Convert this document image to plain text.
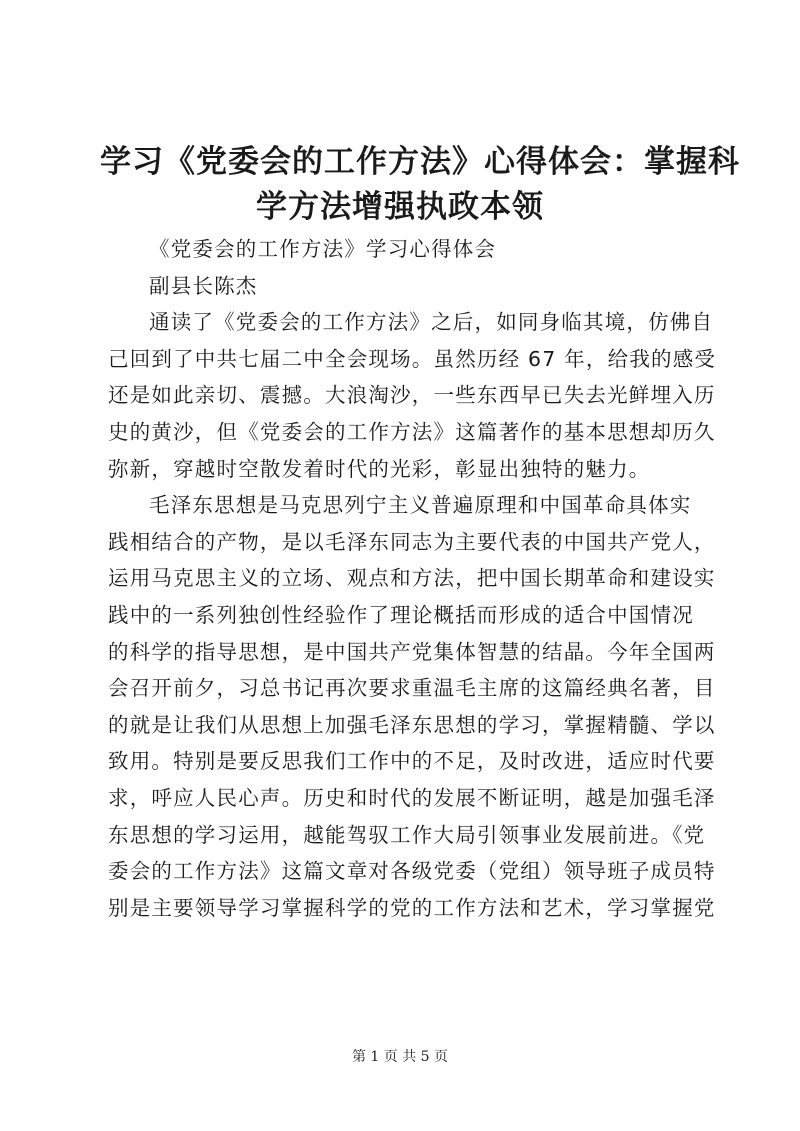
学习《党委会的工作方法》心得体会：掌握科
学方法增强执政本领
《党委会的工作方法》学习心得体会
副县长陈杰
通读了《党委会的工作方法》之后，如同身临其境，仿佛自
己回到了中共七届二中全会现场。虽然历经 67 年，给我的感受
还是如此亲切、震撼。大浪淘沙，一些东西早已失去光鲜埋入历
史的黄沙，但《党委会的工作方法》这篇著作的基本思想却历久
弥新，穿越时空散发着时代的光彩，彰显出独特的魅力。
毛泽东思想是马克思列宁主义普遍原理和中国革命具体实
践相结合的产物，是以毛泽东同志为主要代表的中国共产党人，
运用马克思主义的立场、观点和方法，把中国长期革命和建设实
践中的一系列独创性经验作了理论概括而形成的适合中国情况
的科学的指导思想，是中国共产党集体智慧的结晶。今年全国两
会召开前夕，习总书记再次要求重温毛主席的这篇经典名著，目
的就是让我们从思想上加强毛泽东思想的学习，掌握精髓、学以
致用。特别是要反思我们工作中的不足，及时改进，适应时代要
求，呼应人民心声。历史和时代的发展不断证明，越是加强毛泽
东思想的学习运用，越能驾驭工作大局引领事业发展前进。《党
委会的工作方法》这篇文章对各级党委（党组）领导班子成员特
别是主要领导学习掌握科学的党的工作方法和艺术，学习掌握党
第 1 页 共 5 页
